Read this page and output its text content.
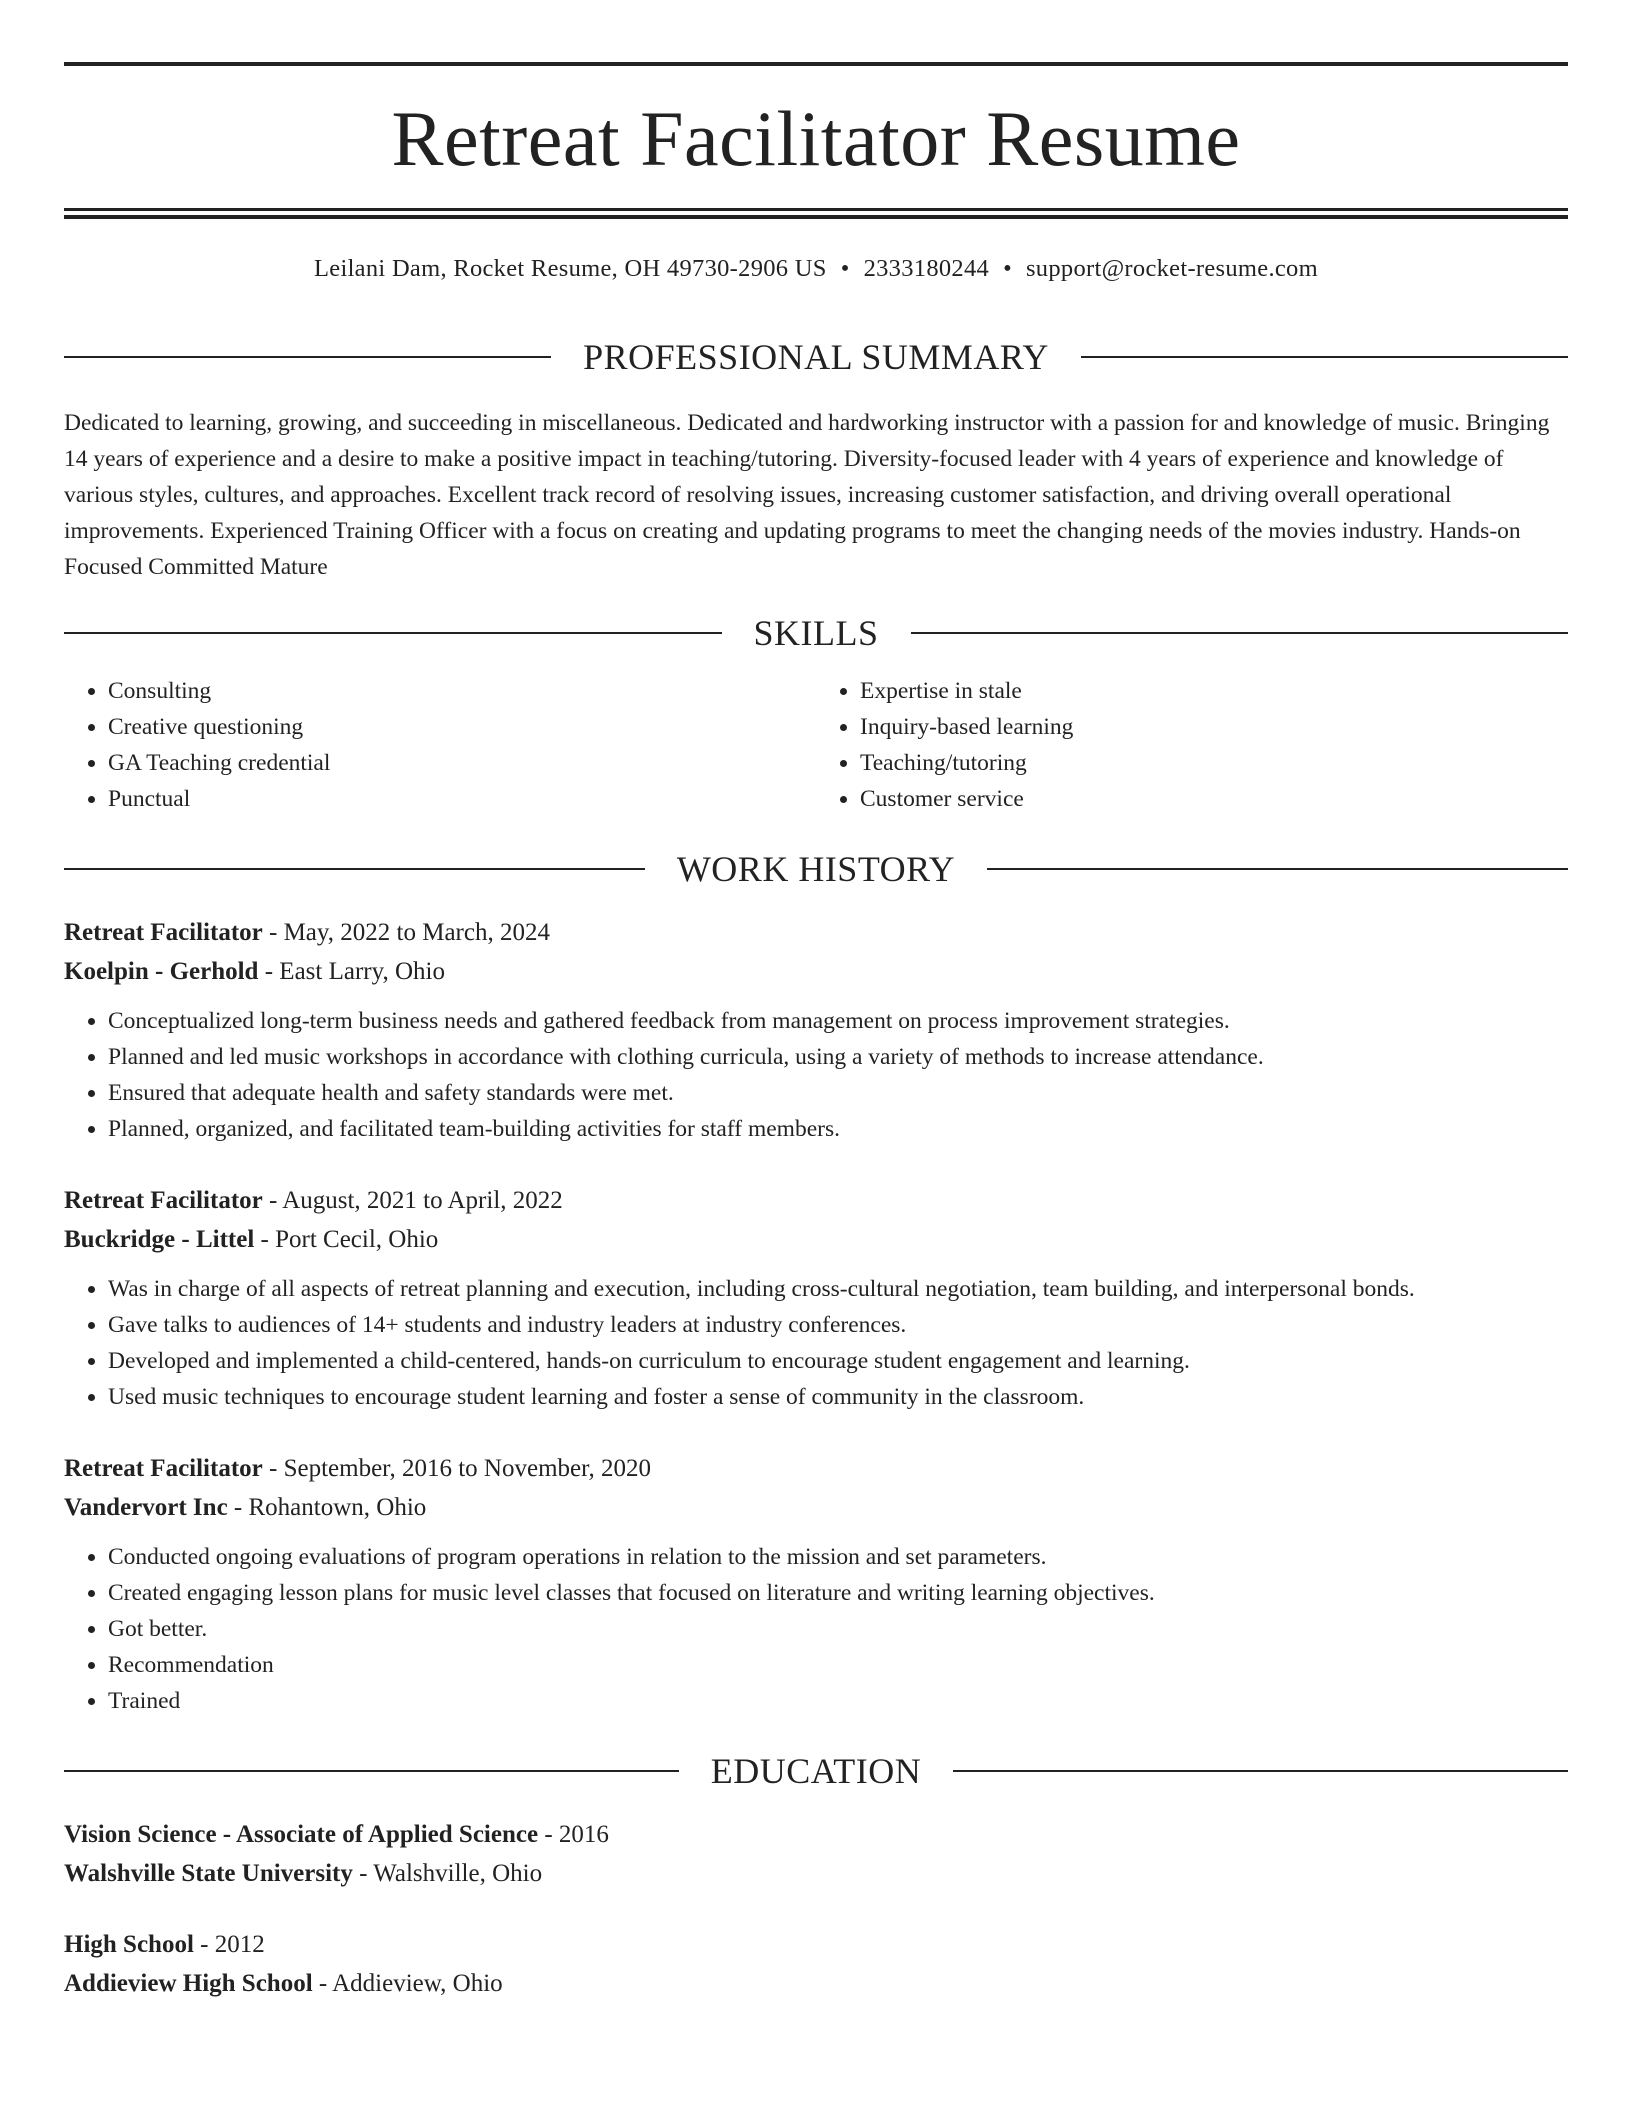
Retreat Facilitator Resume
Leilani Dam, Rocket Resume, OH 49730-2906 US • 2333180244 • support@rocket-resume.com
PROFESSIONAL SUMMARY

Dedicated to learning, growing, and succeeding in miscellaneous. Dedicated and hardworking instructor with a passion for and knowledge of music. Bringing 14 years of experience and a desire to make a positive impact in teaching/tutoring. Diversity-focused leader with 4 years of experience and knowledge of various styles, cultures, and approaches. Excellent track record of resolving issues, increasing customer satisfaction, and driving overall operational improvements. Experienced Training Officer with a focus on creating and updating programs to meet the changing needs of the movies industry. Hands-on Focused Committed Mature

SKILLS
• Consulting
• Creative questioning
• GA Teaching credential
• Punctual
• Expertise in stale
• Inquiry-based learning
• Teaching/tutoring
• Customer service
WORK HISTORY
Retreat Facilitator - May, 2022 to March, 2024
Koelpin - Gerhold - East Larry, Ohio
• Conceptualized long-term business needs and gathered feedback from management on process improvement strategies.
• Planned and led music workshops in accordance with clothing curricula, using a variety of methods to increase attendance.
• Ensured that adequate health and safety standards were met.
• Planned, organized, and facilitated team-building activities for staff members.
Retreat Facilitator - August, 2021 to April, 2022
Buckridge - Littel - Port Cecil, Ohio
• Was in charge of all aspects of retreat planning and execution, including cross-cultural negotiation, team building, and interpersonal bonds.
• Gave talks to audiences of 14+ students and industry leaders at industry conferences.
• Developed and implemented a child-centered, hands-on curriculum to encourage student engagement and learning.
• Used music techniques to encourage student learning and foster a sense of community in the classroom.
Retreat Facilitator - September, 2016 to November, 2020
Vandervort Inc - Rohantown, Ohio
• Conducted ongoing evaluations of program operations in relation to the mission and set parameters.
• Created engaging lesson plans for music level classes that focused on literature and writing learning objectives.
• Got better.
• Recommendation
• Trained
EDUCATION
Vision Science - Associate of Applied Science - 2016
Walshville State University - Walshville, Ohio
High School - 2012
Addieview High School - Addieview, Ohio
